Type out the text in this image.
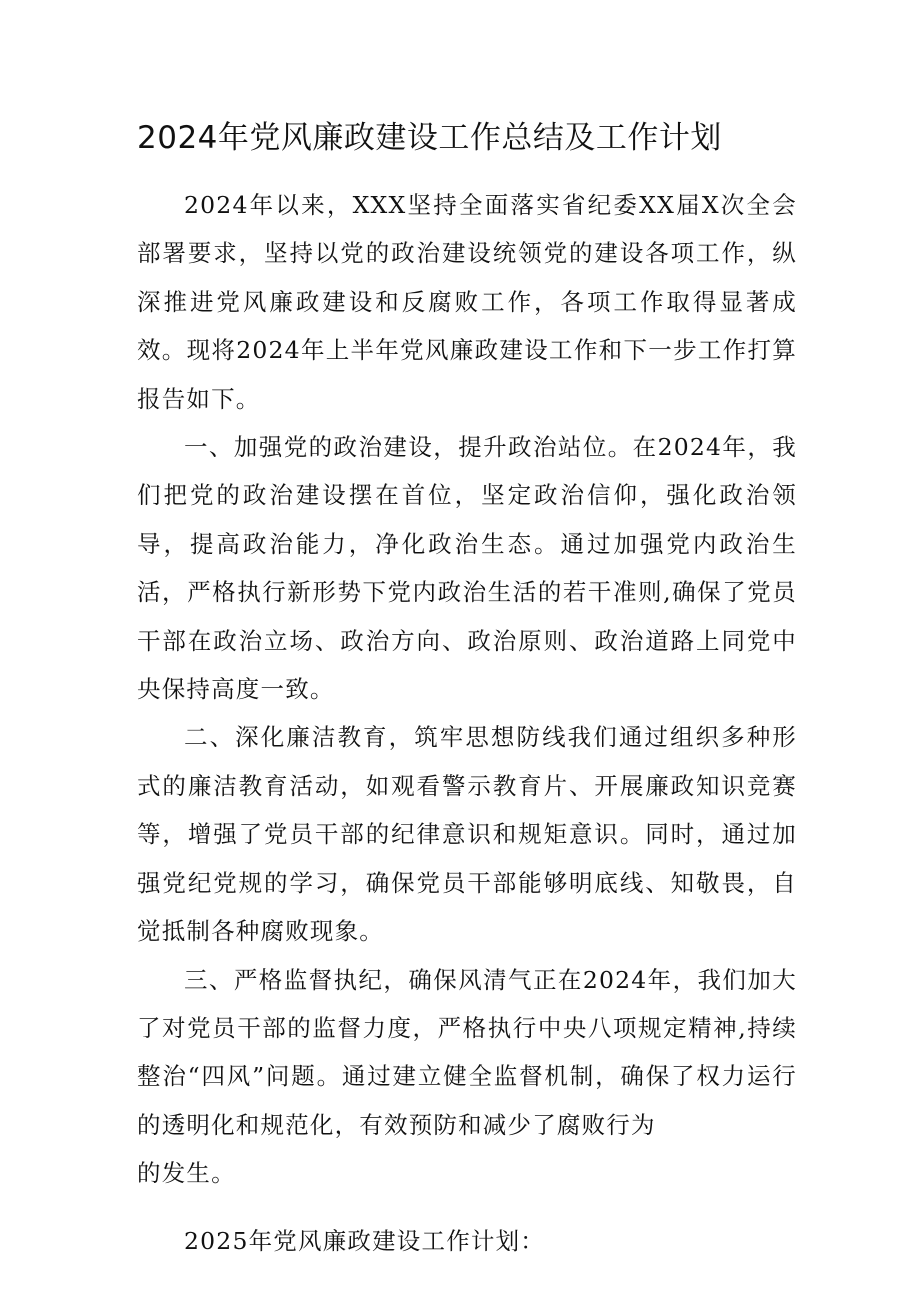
2024年党风廉政建设工作总结及工作计划

2024年以来，XXX坚持全面落实省纪委XX届X次全会部署要求，坚持以党的政治建设统领党的建设各项工作，纵深推进党风廉政建设和反腐败工作，各项工作取得显著成效。现将2024年上半年党风廉政建设工作和下一步工作打算报告如下。

一、加强党的政治建设，提升政治站位。在2024年，我们把党的政治建设摆在首位，坚定政治信仰，强化政治领导，提高政治能力，净化政治生态。通过加强党内政治生活，严格执行新形势下党内政治生活的若干准则,确保了党员干部在政治立场、政治方向、政治原则、政治道路上同党中央保持高度一致。

二、深化廉洁教育，筑牢思想防线我们通过组织多种形式的廉洁教育活动，如观看警示教育片、开展廉政知识竞赛等，增强了党员干部的纪律意识和规矩意识。同时，通过加强党纪党规的学习，确保党员干部能够明底线、知敬畏，自觉抵制各种腐败现象。

三、严格监督执纪，确保风清气正在2024年，我们加大了对党员干部的监督力度，严格执行中央八项规定精神,持续整治“四风”问题。通过建立健全监督机制，确保了权力运行的透明化和规范化，有效预防和减少了腐败行为

的发生。

2025年党风廉政建设工作计划：
